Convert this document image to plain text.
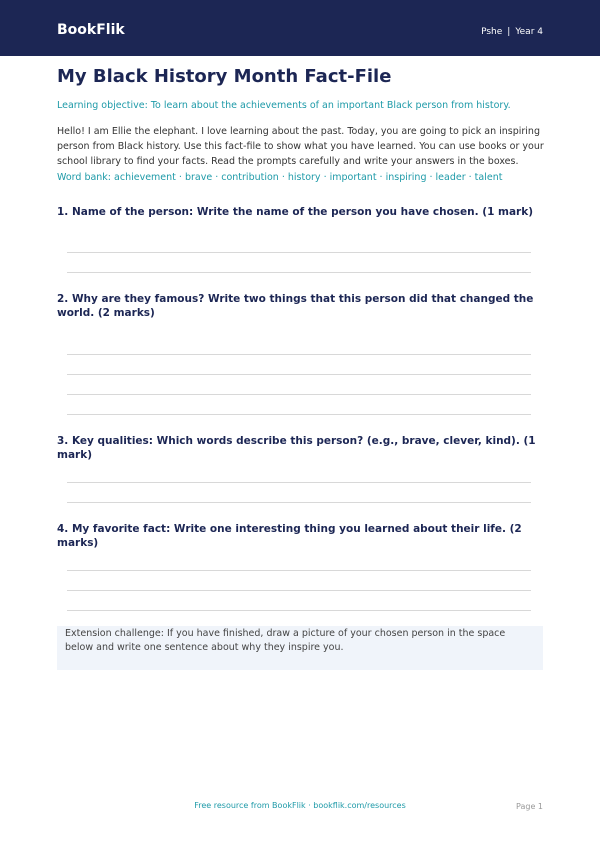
BookFlik	Pshe | Year 4
My Black History Month Fact-File
Learning objective: To learn about the achievements of an important Black person from history.
Hello! I am Ellie the elephant. I love learning about the past. Today, you are going to pick an inspiring person from Black history. Use this fact-file to show what you have learned. You can use books or your school library to find your facts. Read the prompts carefully and write your answers in the boxes.
Word bank: achievement · brave · contribution · history · important · inspiring · leader · talent
1. Name of the person: Write the name of the person you have chosen. (1 mark)
2. Why are they famous? Write two things that this person did that changed the world. (2 marks)
3. Key qualities: Which words describe this person? (e.g., brave, clever, kind). (1 mark)
4. My favorite fact: Write one interesting thing you learned about their life. (2 marks)
Extension challenge: If you have finished, draw a picture of your chosen person in the space below and write one sentence about why they inspire you.
Free resource from BookFlik · bookflik.com/resources	Page 1
